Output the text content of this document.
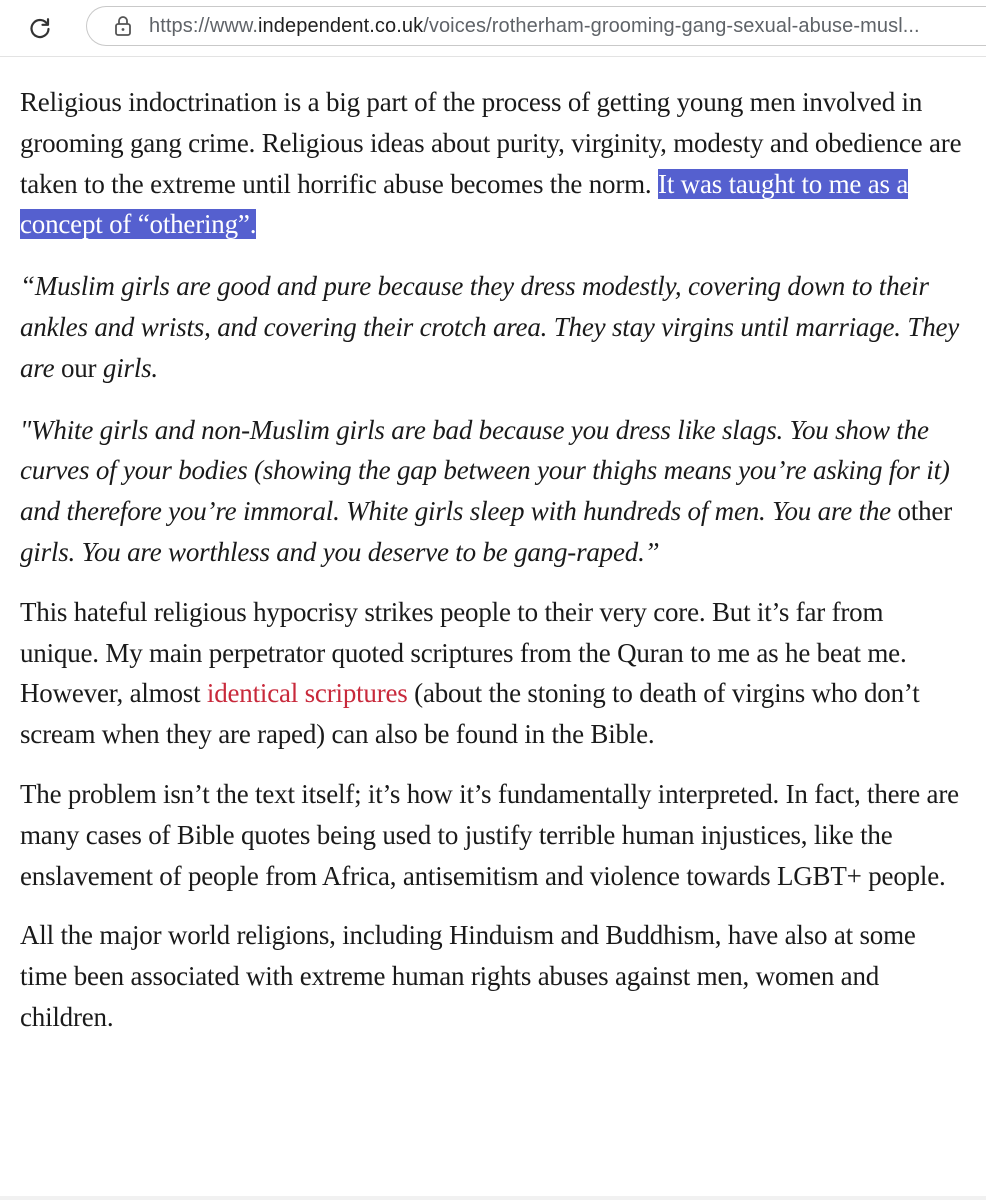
https://www.independent.co.uk/voices/rotherham-grooming-gang-sexual-abuse-musl...

Religious indoctrination is a big part of the process of getting young men involved in grooming gang crime. Religious ideas about purity, virginity, modesty and obedience are taken to the extreme until horrific abuse becomes the norm. It was taught to me as a concept of “othering”.

“Muslim girls are good and pure because they dress modestly, covering down to their ankles and wrists, and covering their crotch area. They stay virgins until marriage. They are our girls.

"White girls and non-Muslim girls are bad because you dress like slags. You show the curves of your bodies (showing the gap between your thighs means you’re asking for it) and therefore you’re immoral. White girls sleep with hundreds of men. You are the other girls. You are worthless and you deserve to be gang-raped.”

This hateful religious hypocrisy strikes people to their very core. But it’s far from unique. My main perpetrator quoted scriptures from the Quran to me as he beat me. However, almost identical scriptures (about the stoning to death of virgins who don’t scream when they are raped) can also be found in the Bible.

The problem isn’t the text itself; it’s how it’s fundamentally interpreted. In fact, there are many cases of Bible quotes being used to justify terrible human injustices, like the enslavement of people from Africa, antisemitism and violence towards LGBT+ people.

All the major world religions, including Hinduism and Buddhism, have also at some time been associated with extreme human rights abuses against men, women and children.
